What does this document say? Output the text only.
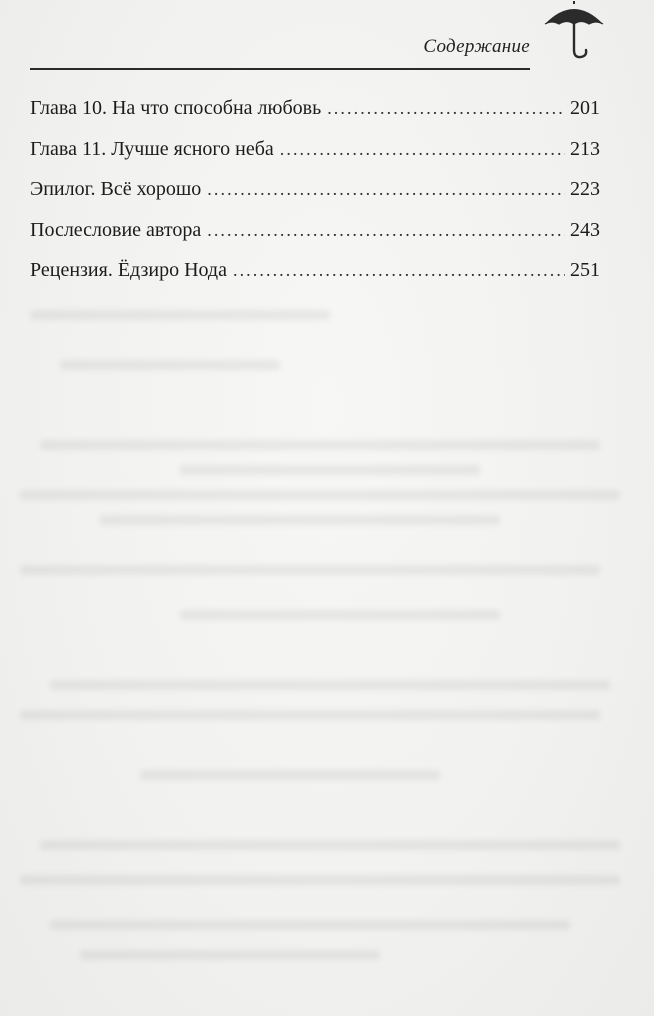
Содержание
Глава 10. На что способна любовь . . .	201
Глава 11. Лучше ясного неба . . .	213
Эпилог. Всё хорошо . . .	223
Послесловие автора . . .	243
Рецензия. Ёдзиро Нода . . .	251
